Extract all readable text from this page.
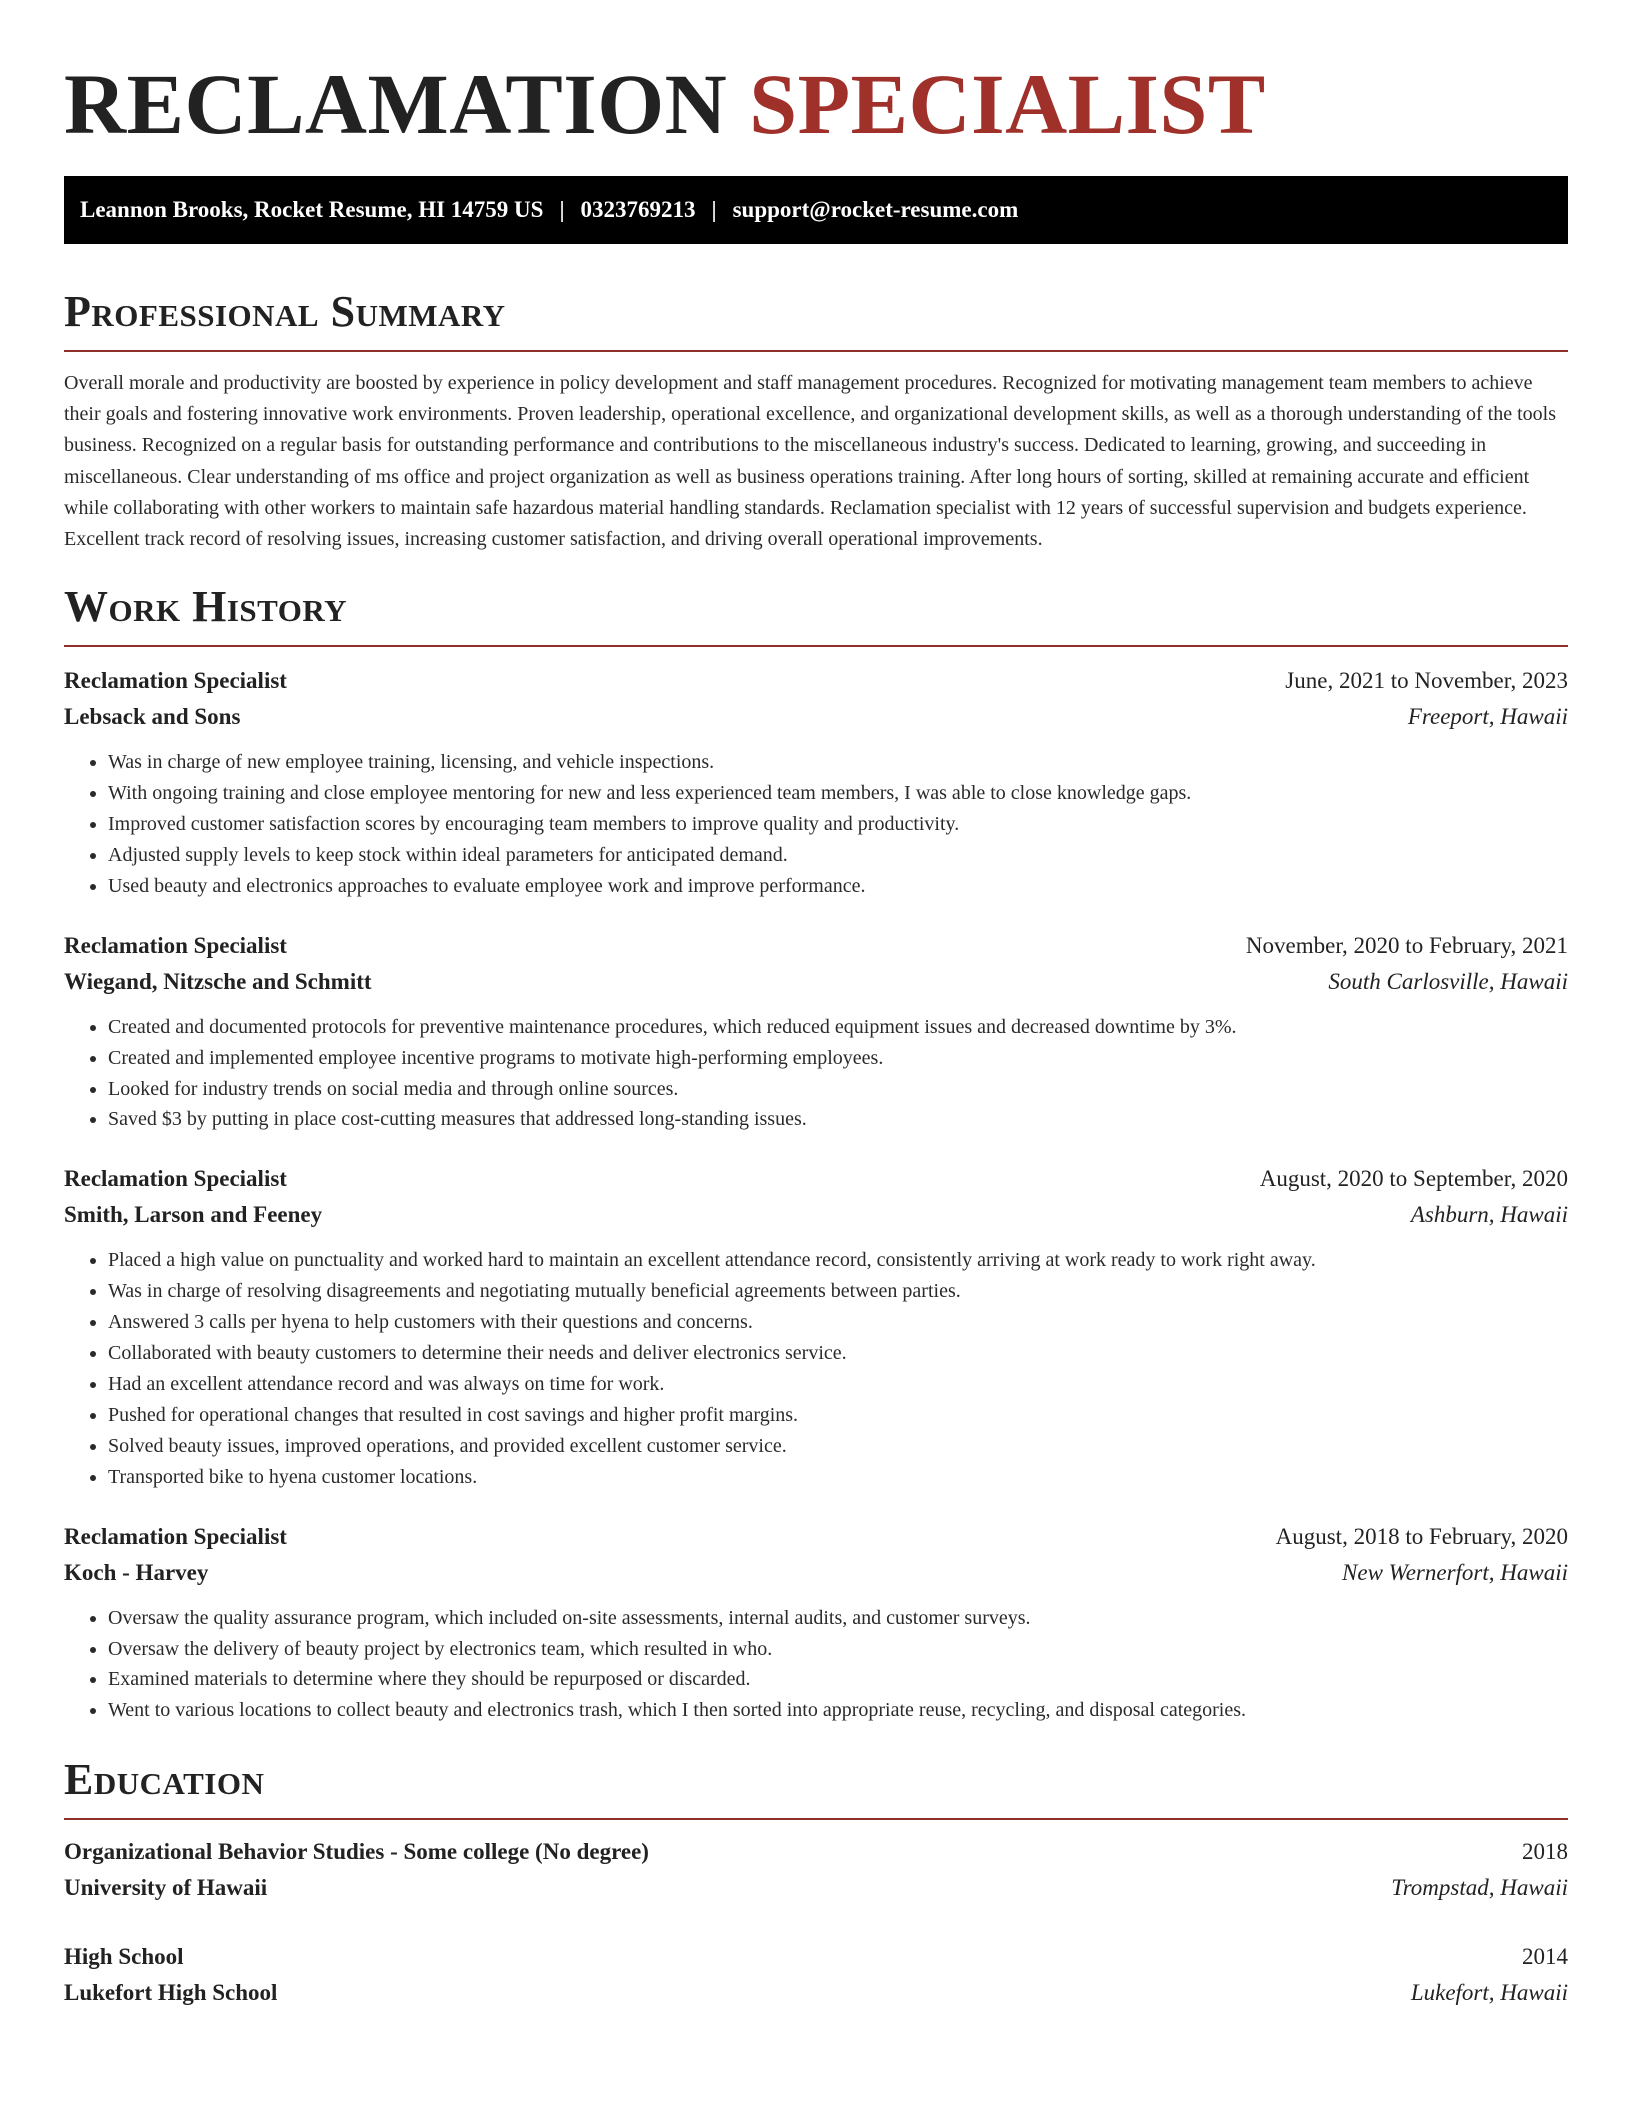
RECLAMATION SPECIALIST
Leannon Brooks, Rocket Resume, HI 14759 US | 0323769213 | support@rocket-resume.com
Professional Summary

Overall morale and productivity are boosted by experience in policy development and staff management procedures. Recognized for motivating management team members to achieve their goals and fostering innovative work environments. Proven leadership, operational excellence, and organizational development skills, as well as a thorough understanding of the tools business. Recognized on a regular basis for outstanding performance and contributions to the miscellaneous industry's success. Dedicated to learning, growing, and succeeding in miscellaneous. Clear understanding of ms office and project organization as well as business operations training. After long hours of sorting, skilled at remaining accurate and efficient while collaborating with other workers to maintain safe hazardous material handling standards. Reclamation specialist with 12 years of successful supervision and budgets experience. Excellent track record of resolving issues, increasing customer satisfaction, and driving overall operational improvements.

Work History
Reclamation Specialist	June, 2021 to November, 2023
Lebsack and Sons	Freeport, Hawaii
• Was in charge of new employee training, licensing, and vehicle inspections.
• With ongoing training and close employee mentoring for new and less experienced team members, I was able to close knowledge gaps.
• Improved customer satisfaction scores by encouraging team members to improve quality and productivity.
• Adjusted supply levels to keep stock within ideal parameters for anticipated demand.
• Used beauty and electronics approaches to evaluate employee work and improve performance.
Reclamation Specialist	November, 2020 to February, 2021
Wiegand, Nitzsche and Schmitt	South Carlosville, Hawaii
• Created and documented protocols for preventive maintenance procedures, which reduced equipment issues and decreased downtime by 3%.
• Created and implemented employee incentive programs to motivate high-performing employees.
• Looked for industry trends on social media and through online sources.
• Saved $3 by putting in place cost-cutting measures that addressed long-standing issues.
Reclamation Specialist	August, 2020 to September, 2020
Smith, Larson and Feeney	Ashburn, Hawaii
• Placed a high value on punctuality and worked hard to maintain an excellent attendance record, consistently arriving at work ready to work right away.
• Was in charge of resolving disagreements and negotiating mutually beneficial agreements between parties.
• Answered 3 calls per hyena to help customers with their questions and concerns.
• Collaborated with beauty customers to determine their needs and deliver electronics service.
• Had an excellent attendance record and was always on time for work.
• Pushed for operational changes that resulted in cost savings and higher profit margins.
• Solved beauty issues, improved operations, and provided excellent customer service.
• Transported bike to hyena customer locations.
Reclamation Specialist	August, 2018 to February, 2020
Koch - Harvey	New Wernerfort, Hawaii
• Oversaw the quality assurance program, which included on-site assessments, internal audits, and customer surveys.
• Oversaw the delivery of beauty project by electronics team, which resulted in who.
• Examined materials to determine where they should be repurposed or discarded.
• Went to various locations to collect beauty and electronics trash, which I then sorted into appropriate reuse, recycling, and disposal categories.
Education
Organizational Behavior Studies - Some college (No degree)	2018
University of Hawaii	Trompstad, Hawaii
High School	2014
Lukefort High School	Lukefort, Hawaii
